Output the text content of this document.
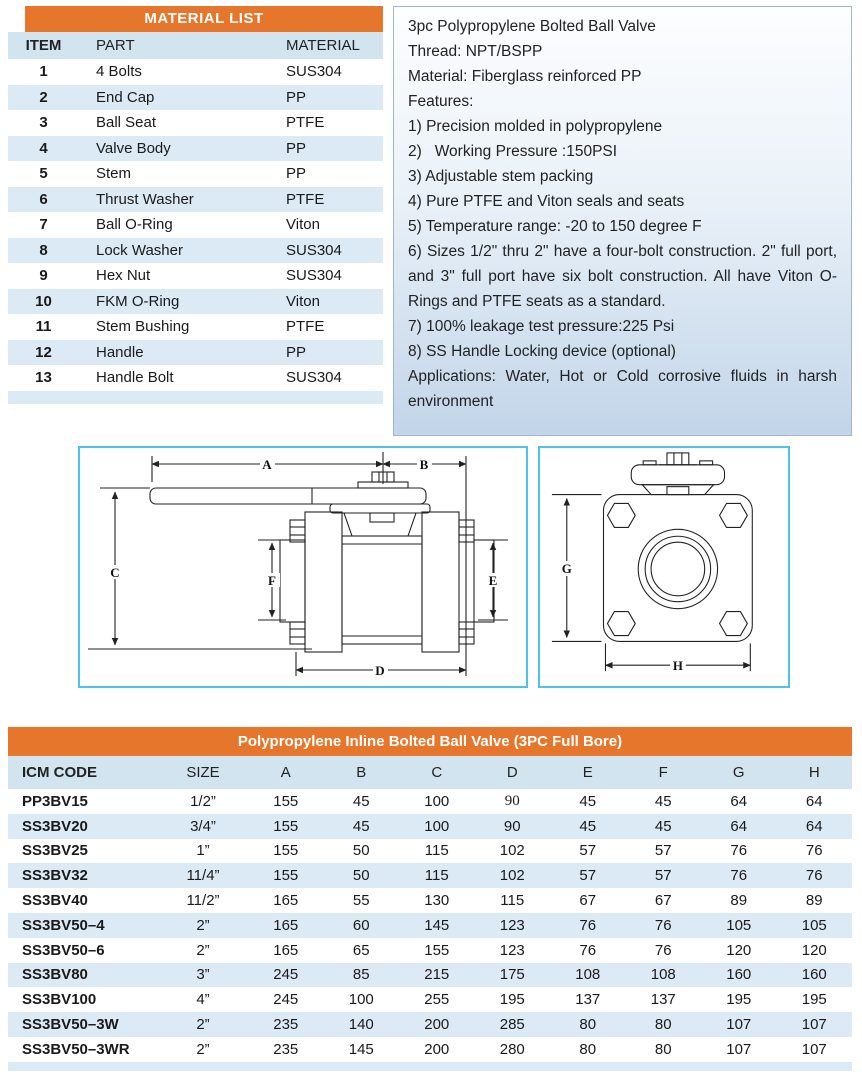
MATERIAL LIST
ITEM	PART	MATERIAL
1	4 Bolts	SUS304
2	End Cap	PP
3	Ball Seat	PTFE
4	Valve Body	PP
5	Stem	PP
6	Thrust Washer	PTFE
7	Ball O-Ring	Viton
8	Lock Washer	SUS304
9	Hex Nut	SUS304
10	FKM O-Ring	Viton
11	Stem Bushing	PTFE
12	Handle	PP
13	Handle Bolt	SUS304

3pc Polypropylene Bolted Ball Valve

Thread: NPT/BSPP

Material: Fiberglass reinforced PP

Features:

1) Precision molded in polypropylene

2)   Working Pressure :150PSI

3) Adjustable stem packing

4) Pure PTFE and Viton seals and seats

5) Temperature range: -20 to 150 degree F

6) Sizes 1/2" thru 2" have a four-bolt construction. 2" full port, and 3" full port have six bolt construction. All have Viton O-Rings and PTFE seats as a standard.

7) 100% leakage test pressure:225 Psi

8) SS Handle Locking device (optional)

Applications: Water, Hot or Cold corrosive fluids in harsh environment

A	B
C
F	E
D
G
H
Polypropylene Inline Bolted Ball Valve (3PC Full Bore)
ICM CODE	SIZE	A	B	C	D	E	F	G	H
PP3BV15	1/2”	155	45	100	90	45	45	64	64
SS3BV20	3/4”	155	45	100	90	45	45	64	64
SS3BV25	1”	155	50	115	102	57	57	76	76
SS3BV32	11/4”	155	50	115	102	57	57	76	76
SS3BV40	11/2”	165	55	130	115	67	67	89	89
SS3BV50–4	2”	165	60	145	123	76	76	105	105
SS3BV50–6	2”	165	65	155	123	76	76	120	120
SS3BV80	3”	245	85	215	175	108	108	160	160
SS3BV100	4”	245	100	255	195	137	137	195	195
SS3BV50–3W	2”	235	140	200	285	80	80	107	107
SS3BV50–3WR	2”	235	145	200	280	80	80	107	107
